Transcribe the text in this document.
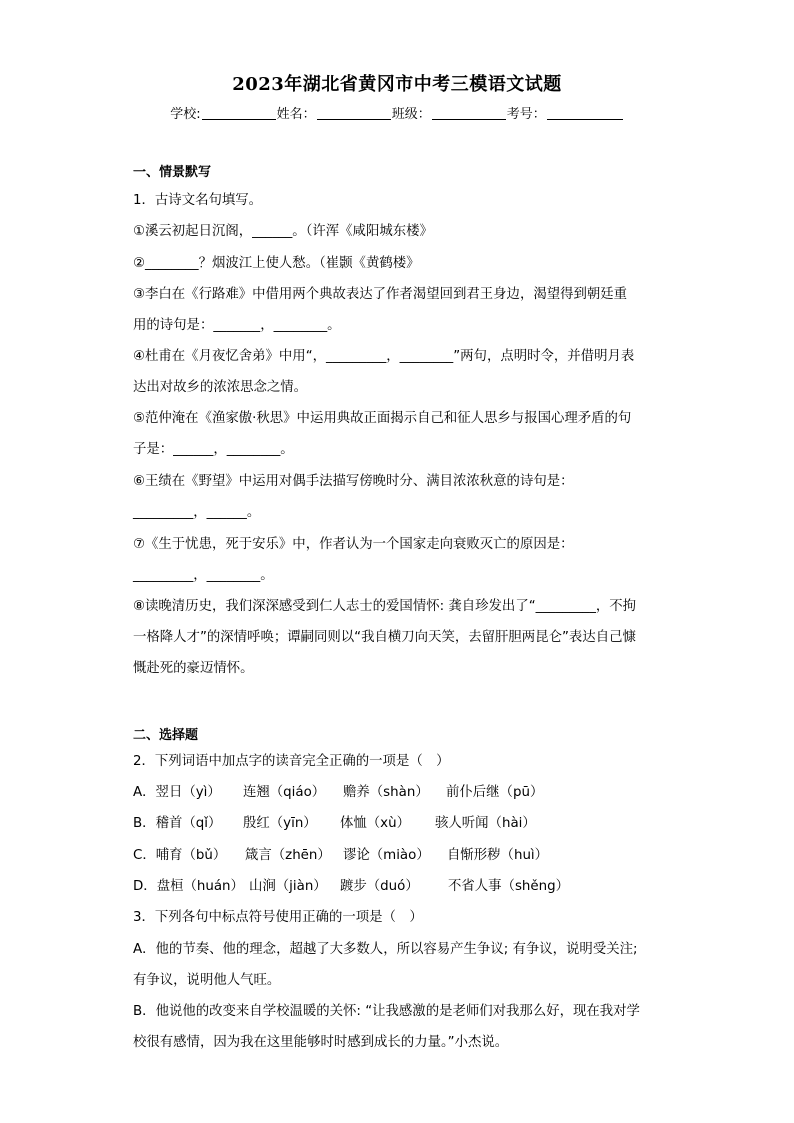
2023年湖北省黄冈市中考三模语文试题
学校:	姓名：	班级：	考号：
一、情景默写
1．古诗文名句填写。
①溪云初起日沉阁，______。（许浑《咸阳城东楼》
②________？烟波江上使人愁。（崔颢《黄鹤楼》
③李白在《行路难》中借用两个典故表达了作者渴望回到君王身边，渴望得到朝廷重
用的诗句是：_______，________。
④杜甫在《月夜忆舍弟》中用“，_________，________”两句，点明时令，并借明月表
达出对故乡的浓浓思念之情。
⑤范仲淹在《渔家傲·秋思》中运用典故正面揭示自己和征人思乡与报国心理矛盾的句
子是：______，________。
⑥王绩在《野望》中运用对偶手法描写傍晚时分、满目浓浓秋意的诗句是：
_________，______。
⑦《生于忧患，死于安乐》中，作者认为一个国家走向衰败灭亡的原因是：
_________，________。
⑧读晚清历史，我们深深感受到仁人志士的爱国情怀: 龚自珍发出了“_________，不拘
一格降人才”的深情呼唤；谭嗣同则以“我自横刀向天笑，去留肝胆两昆仑”表达自己慷
慨赴死的豪迈情怀。
二、选择题
2．下列词语中加点字的读音完全正确的一项是（　）
A．翌日（yì） 连翘（qiáo） 赡养（shàn） 前仆后继（pū）
B．稽首（qǐ） 殷红（yīn） 体恤（xù） 骇人听闻（hài）
C．哺育（bǔ） 箴言（zhēn） 谬论（miào） 自惭形秽（huì）
D．盘桓（huán） 山涧（jiàn） 踱步（duó） 不省人事（shěng）
3．下列各句中标点符号使用正确的一项是（　）
A．他的节奏、他的理念，超越了大多数人，所以容易产生争议; 有争议，说明受关注;
有争议，说明他人气旺。
B．他说他的改变来自学校温暖的关怀: “让我感激的是老师们对我那么好，现在我对学
校很有感情，因为我在这里能够时时感到成长的力量。”小杰说。
